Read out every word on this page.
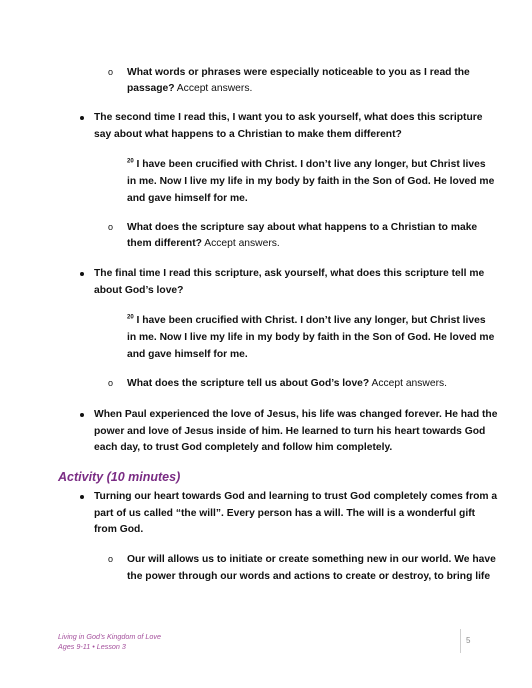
o What words or phrases were especially noticeable to you as I read the
passage? Accept answers.
The second time I read this, I want you to ask yourself, what does this scripture
say about what happens to a Christian to make them different?
$^{20}$ I have been crucified with Christ. I don’t live any longer, but Christ lives
in me. Now I live my life in my body by faith in the Son of God. He loved me
and gave himself for me.
o What does the scripture say about what happens to a Christian to make
them different? Accept answers.
The final time I read this scripture, ask yourself, what does this scripture tell me
about God’s love?
$^{20}$ I have been crucified with Christ. I don’t live any longer, but Christ lives
in me. Now I live my life in my body by faith in the Son of God. He loved me
and gave himself for me.
o What does the scripture tell us about God’s love? Accept answers.
When Paul experienced the love of Jesus, his life was changed forever. He had the
power and love of Jesus inside of him. He learned to turn his heart towards God
each day, to trust God completely and follow him completely.
Activity (10 minutes)
Turning our heart towards God and learning to trust God completely comes from a
part of us called “the will”. Every person has a will. The will is a wonderful gift
from God.
o Our will allows us to initiate or create something new in our world. We have
the power through our words and actions to create or destroy, to bring life
Living in God’s Kingdom of Love
Ages 9-11 • Lesson 3
5
